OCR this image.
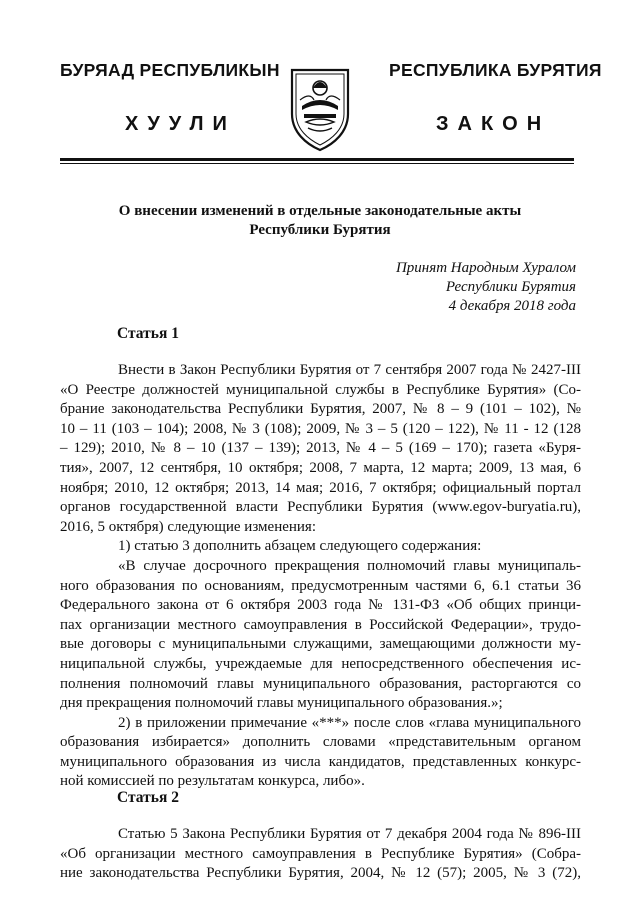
БУРЯАД РЕСПУБЛИКЫН	РЕСПУБЛИКА БУРЯТИЯ
ХУУЛИ	ЗАКОН
О внесении изменений в отдельные законодательные акты
Республики Бурятия
Принят Народным Хуралом
Республики Бурятия
4 декабря 2018 года
Статья 1
Внести в Закон Республики Бурятия от 7 сентября 2007 года № 2427-III
«О Реестре должностей муниципальной службы в Республике Бурятия» (Со-
брание законодательства Республики Бурятия, 2007, № 8 – 9 (101 – 102), №
10 – 11 (103 – 104); 2008, № 3 (108); 2009, № 3 – 5 (120 – 122), № 11 - 12 (128
– 129); 2010, № 8 – 10 (137 – 139); 2013, № 4 – 5 (169 – 170); газета «Буря-
тия», 2007, 12 сентября, 10 октября; 2008, 7 марта, 12 марта; 2009, 13 мая, 6
ноября; 2010, 12 октября; 2013, 14 мая; 2016, 7 октября; официальный портал
органов государственной власти Республики Бурятия (www.egov-buryatia.ru),
2016, 5 октября) следующие изменения:
1) статью 3 дополнить абзацем следующего содержания:
«В случае досрочного прекращения полномочий главы муниципаль-
ного образования по основаниям, предусмотренным частями 6, 6.1 статьи 36
Федерального закона от 6 октября 2003 года № 131-ФЗ «Об общих принци-
пах организации местного самоуправления в Российской Федерации», трудо-
вые договоры с муниципальными служащими, замещающими должности му-
ниципальной службы, учреждаемые для непосредственного обеспечения ис-
полнения полномочий главы муниципального образования, расторгаются со
дня прекращения полномочий главы муниципального образования.»;
2) в приложении примечание «***» после слов «глава муниципального
образования избирается» дополнить словами «представительным органом
муниципального образования из числа кандидатов, представленных конкурс-
ной комиссией по результатам конкурса, либо».
Статья 2
Статью 5 Закона Республики Бурятия от 7 декабря 2004 года № 896-III
«Об организации местного самоуправления в Республике Бурятия» (Собра-
ние законодательства Республики Бурятия, 2004, № 12 (57); 2005, № 3 (72),
